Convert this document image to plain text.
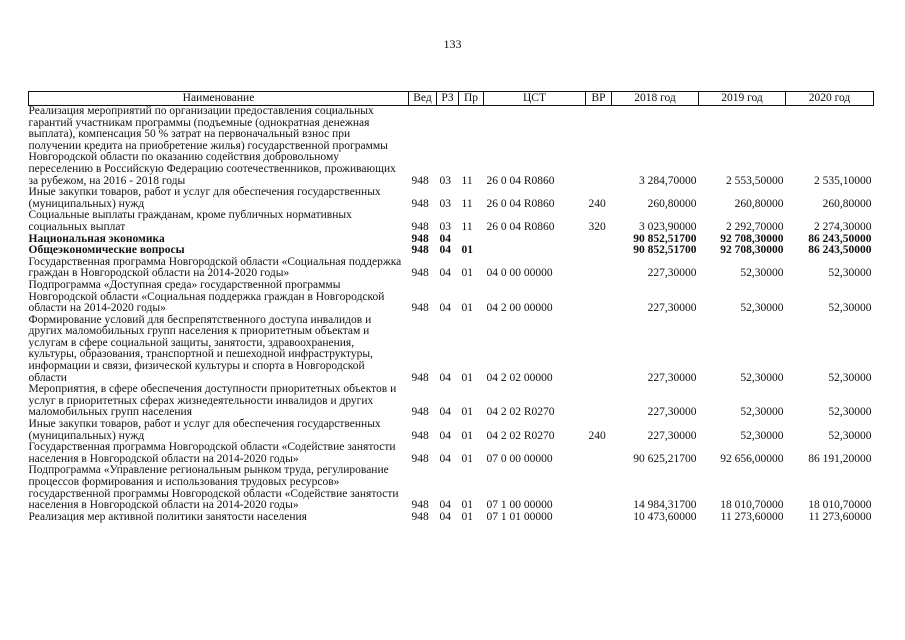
133
Наименование	Вед	РЗ	Пр	ЦСТ	ВР	2018 год	2019 год	2020 год
Реализация мероприятий по организации предоставления социальных гарантий участникам программы (подъемные (однократная денежная выплата), компенсация 50 % затрат на первоначальный взнос при получении кредита на приобретение жилья) государственной программы Новгородской области по оказанию содействия добровольному переселению в Российскую Федерацию соотечественников, проживающих за рубежом, на 2016 - 2018 годы	948	03	11	26 0 04 R0860		3 284,70000	2 553,50000	2 535,10000
Иные закупки товаров, работ и услуг для обеспечения государственных (муниципальных) нужд	948	03	11	26 0 04 R0860	240	260,80000	260,80000	260,80000
Социальные выплаты гражданам, кроме публичных нормативных социальных выплат	948	03	11	26 0 04 R0860	320	3 023,90000	2 292,70000	2 274,30000
Национальная экономика	948	04				90 852,51700	92 708,30000	86 243,50000
Общеэкономические вопросы	948	04	01			90 852,51700	92 708,30000	86 243,50000
Государственная программа Новгородской области «Социальная поддержка граждан в Новгородской области на 2014-2020 годы»	948	04	01	04 0 00 00000		227,30000	52,30000	52,30000
Подпрограмма «Доступная среда» государственной программы Новгородской области «Социальная поддержка граждан в Новгородской области на 2014-2020 годы»	948	04	01	04 2 00 00000		227,30000	52,30000	52,30000
Формирование условий для беспрепятственного доступа инвалидов и других маломобильных групп населения к приоритетным объектам и услугам в сфере социальной защиты, занятости, здравоохранения, культуры, образования, транспортной и пешеходной инфраструктуры, информации и связи, физической культуры и спорта в Новгородской области	948	04	01	04 2 02 00000		227,30000	52,30000	52,30000
Мероприятия, в сфере обеспечения доступности приоритетных объектов и услуг в приоритетных сферах жизнедеятельности инвалидов и других маломобильных групп населения	948	04	01	04 2 02 R0270		227,30000	52,30000	52,30000
Иные закупки товаров, работ и услуг для обеспечения государственных (муниципальных) нужд	948	04	01	04 2 02 R0270	240	227,30000	52,30000	52,30000
Государственная программа Новгородской области «Содействие занятости населения в Новгородской области на 2014-2020 годы»	948	04	01	07 0 00 00000		90 625,21700	92 656,00000	86 191,20000
Подпрограмма «Управление региональным рынком труда, регулирование процессов формирования и использования трудовых ресурсов» государственной программы Новгородской области «Содействие занятости населения в Новгородской области на 2014-2020 годы»	948	04	01	07 1 00 00000		14 984,31700	18 010,70000	18 010,70000
Реализация мер активной политики занятости населения	948	04	01	07 1 01 00000		10 473,60000	11 273,60000	11 273,60000
